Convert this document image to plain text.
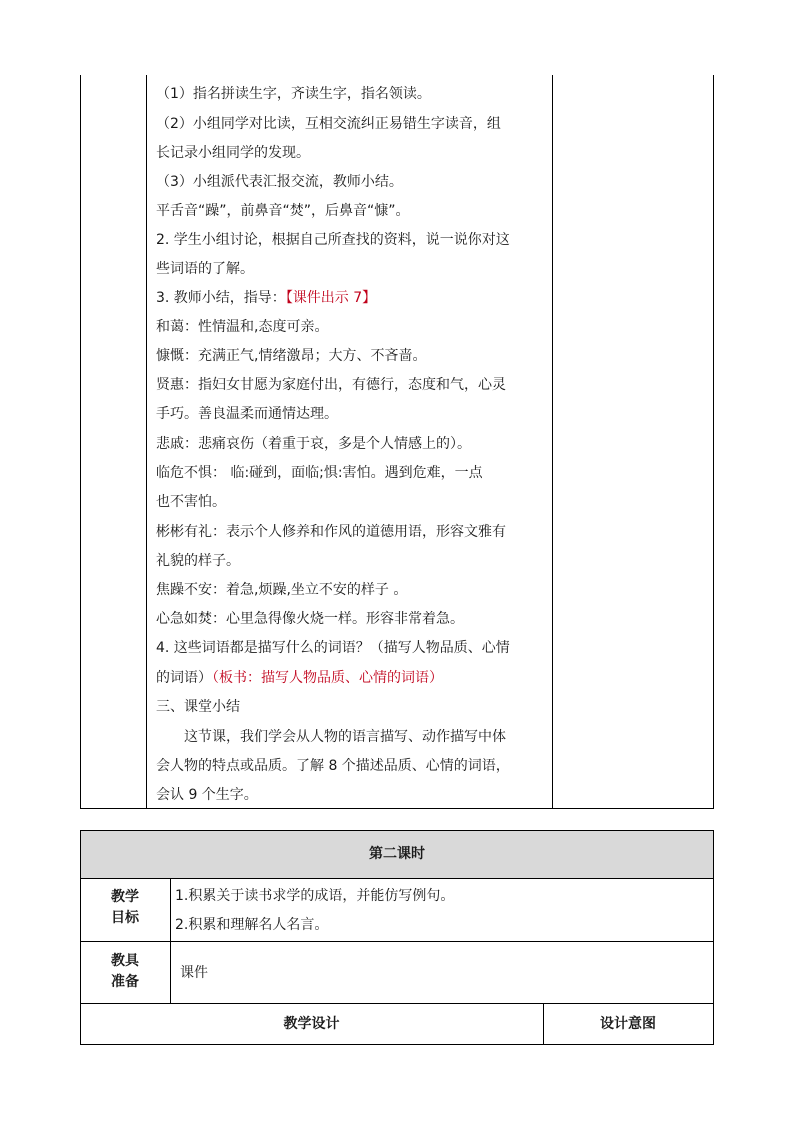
（1）指名拼读生字，齐读生字，指名领读。
（2）小组同学对比读，互相交流纠正易错生字读音，组
长记录小组同学的发现。
（3）小组派代表汇报交流，教师小结。
平舌音“躁”，前鼻音“焚”，后鼻音“慷”。
2. 学生小组讨论，根据自己所查找的资料，说一说你对这
些词语的了解。
3. 教师小结，指导：【课件出示 7】
和蔼：性情温和,态度可亲。
慷慨：充满正气,情绪激昂；大方、不吝啬。
贤惠：指妇女甘愿为家庭付出，有德行，态度和气，心灵
手巧。善良温柔而通情达理。
悲戚：悲痛哀伤（着重于哀，多是个人情感上的）。
临危不惧： 临:碰到，面临;惧:害怕。遇到危难，一点
也不害怕。
彬彬有礼：表示个人修养和作风的道德用语，形容文雅有
礼貌的样子。
焦躁不安：着急,烦躁,坐立不安的样子 。
心急如焚：心里急得像火烧一样。形容非常着急。
4. 这些词语都是描写什么的词语？（描写人物品质、心情
的词语）（板书：描写人物品质、心情的词语）
三、课堂小结
这节课，我们学会从人物的语言描写、动作描写中体
会人物的特点或品质。了解 8 个描述品质、心情的词语，
会认 9 个生字。
第二课时
教学
目标
1.积累关于读书求学的成语，并能仿写例句。
2.积累和理解名人名言。
教具
准备
课件
教学设计	设计意图
